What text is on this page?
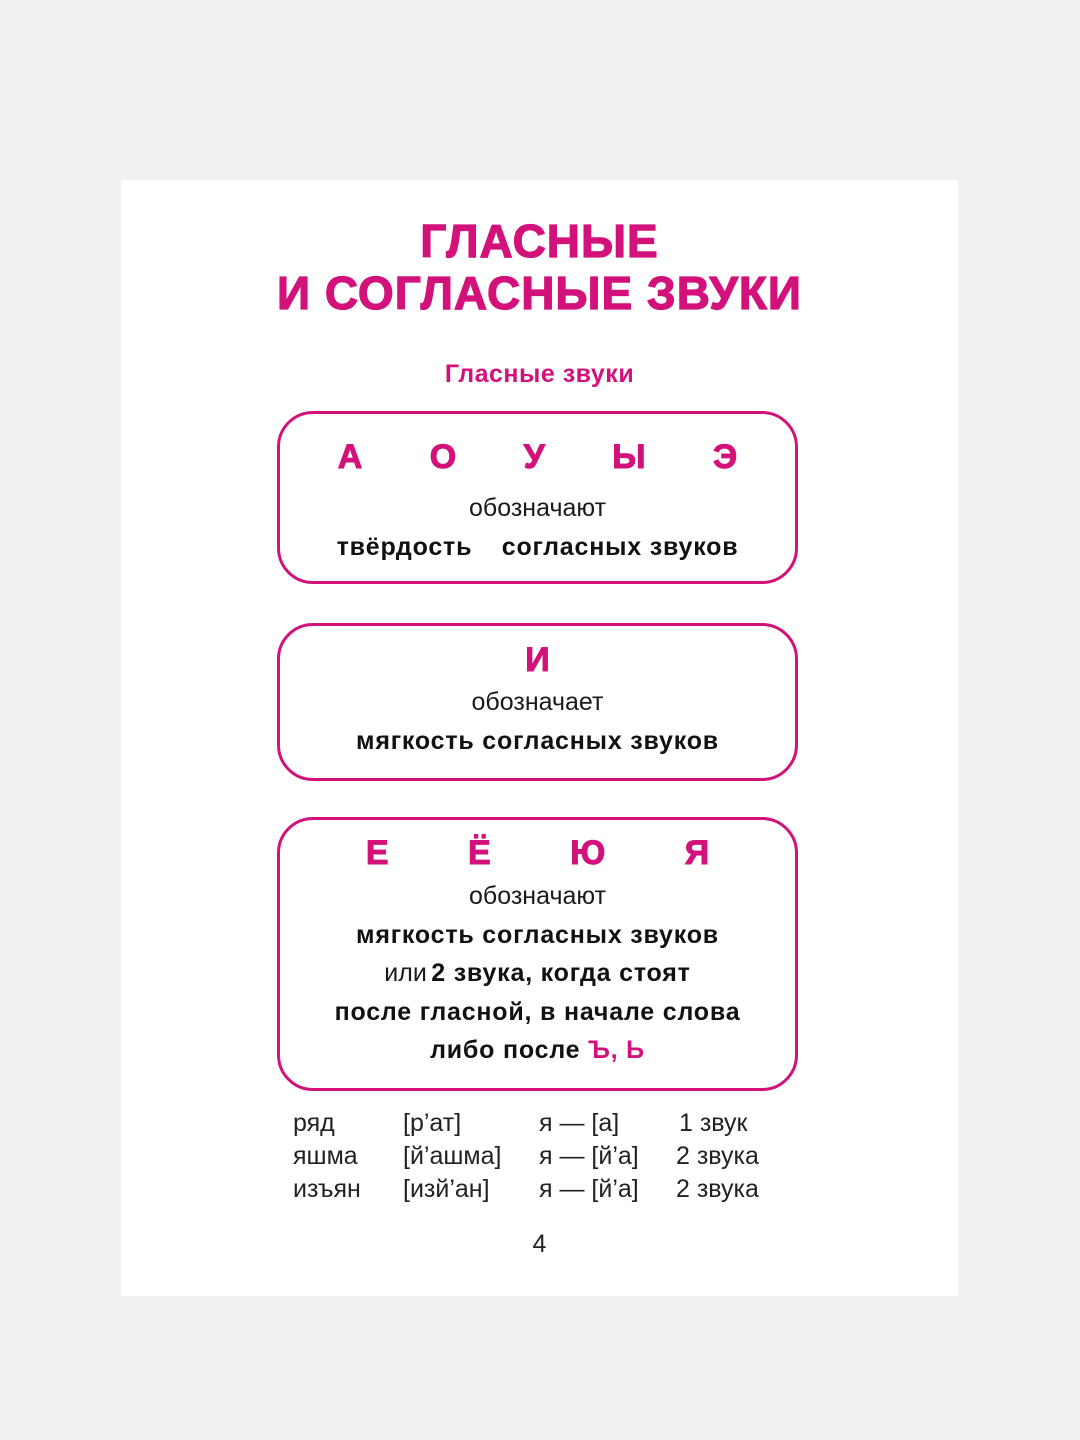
ГЛАСНЫЕ
И СОГЛАСНЫЕ ЗВУКИ
Гласные звуки
А О У Ы Э
обозначают
твёрдость согласных звуков
И
обозначает
мягкость согласных звуков
Е Ё Ю Я
обозначают
мягкость согласных звуков
или 2 звука, когда стоят
после гласной, в начале слова
либо после Ъ, Ь
ряд	[р’ат]	я — [а] 1 звук
яшма [й’ашма] я — [й’а] 2 звука
изъян [изй’ан] я — [й’а] 2 звука
4
